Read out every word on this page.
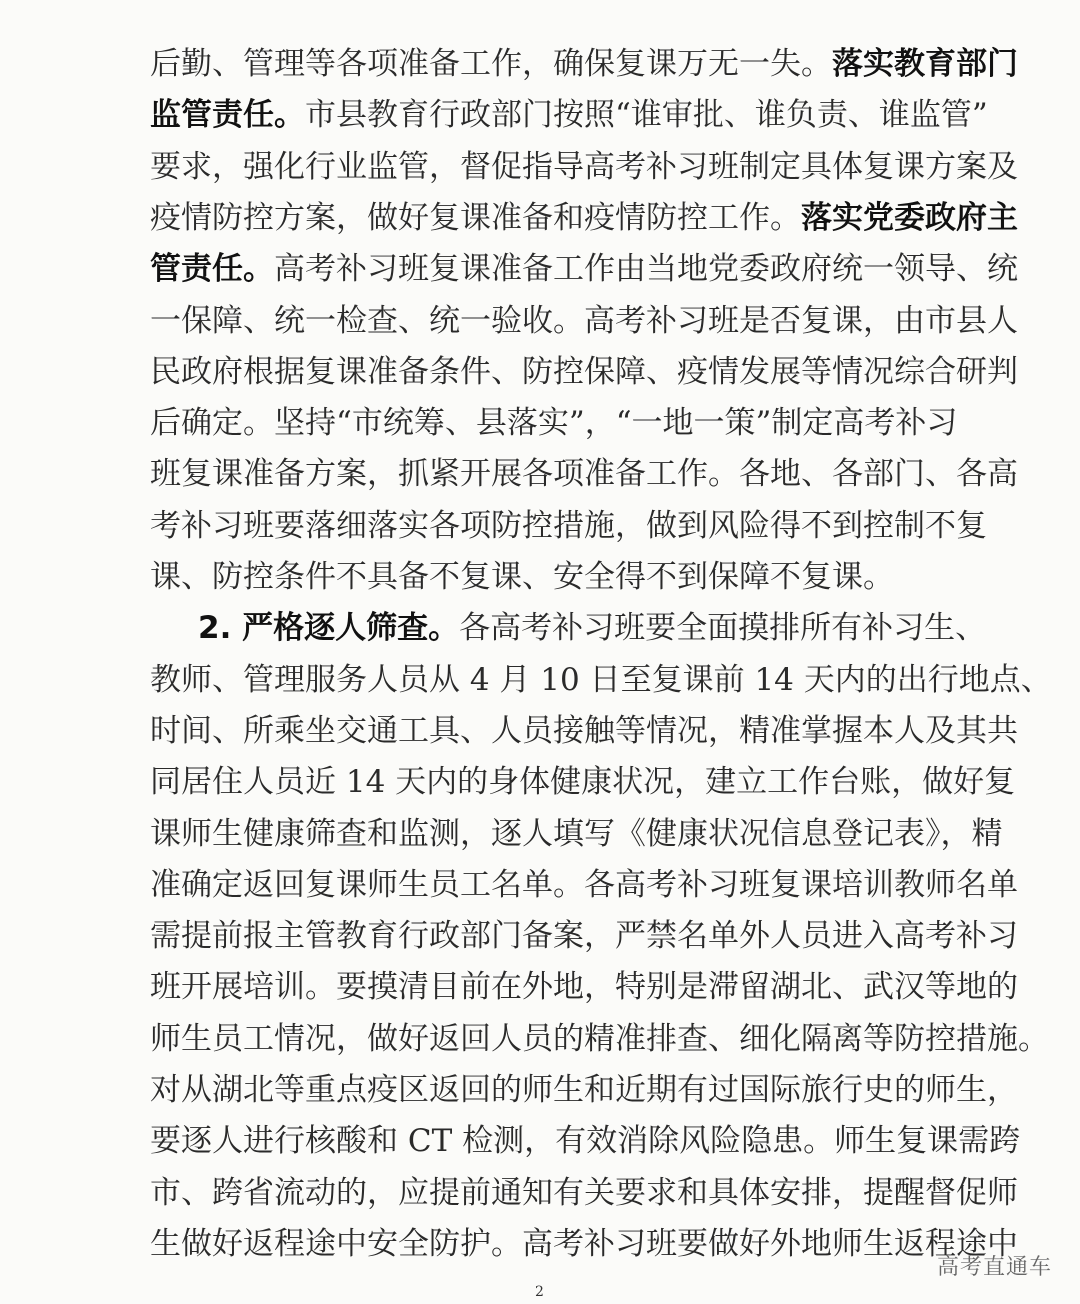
后勤、管理等各项准备工作，确保复课万无一失。落实教育部门
监管责任。市县教育行政部门按照“谁审批、谁负责、谁监管”
要求，强化行业监管，督促指导高考补习班制定具体复课方案及
疫情防控方案，做好复课准备和疫情防控工作。落实党委政府主
管责任。高考补习班复课准备工作由当地党委政府统一领导、统
一保障、统一检查、统一验收。高考补习班是否复课，由市县人
民政府根据复课准备条件、防控保障、疫情发展等情况综合研判
后确定。坚持“市统筹、县落实”，“一地一策”制定高考补习
班复课准备方案，抓紧开展各项准备工作。各地、各部门、各高
考补习班要落细落实各项防控措施，做到风险得不到控制不复
课、防控条件不具备不复课、安全得不到保障不复课。
2. 严格逐人筛查。各高考补习班要全面摸排所有补习生、
教师、管理服务人员从 4 月 10 日至复课前 14 天内的出行地点、
时间、所乘坐交通工具、人员接触等情况，精准掌握本人及其共
同居住人员近 14 天内的身体健康状况，建立工作台账，做好复
课师生健康筛查和监测，逐人填写《健康状况信息登记表》，精
准确定返回复课师生员工名单。各高考补习班复课培训教师名单
需提前报主管教育行政部门备案，严禁名单外人员进入高考补习
班开展培训。要摸清目前在外地，特别是滞留湖北、武汉等地的
师生员工情况，做好返回人员的精准排查、细化隔离等防控措施。
对从湖北等重点疫区返回的师生和近期有过国际旅行史的师生，
要逐人进行核酸和 CT 检测，有效消除风险隐患。师生复课需跨
市、跨省流动的，应提前通知有关要求和具体安排，提醒督促师
生做好返程途中安全防护。高考补习班要做好外地师生返程途中
高考直通车
2
